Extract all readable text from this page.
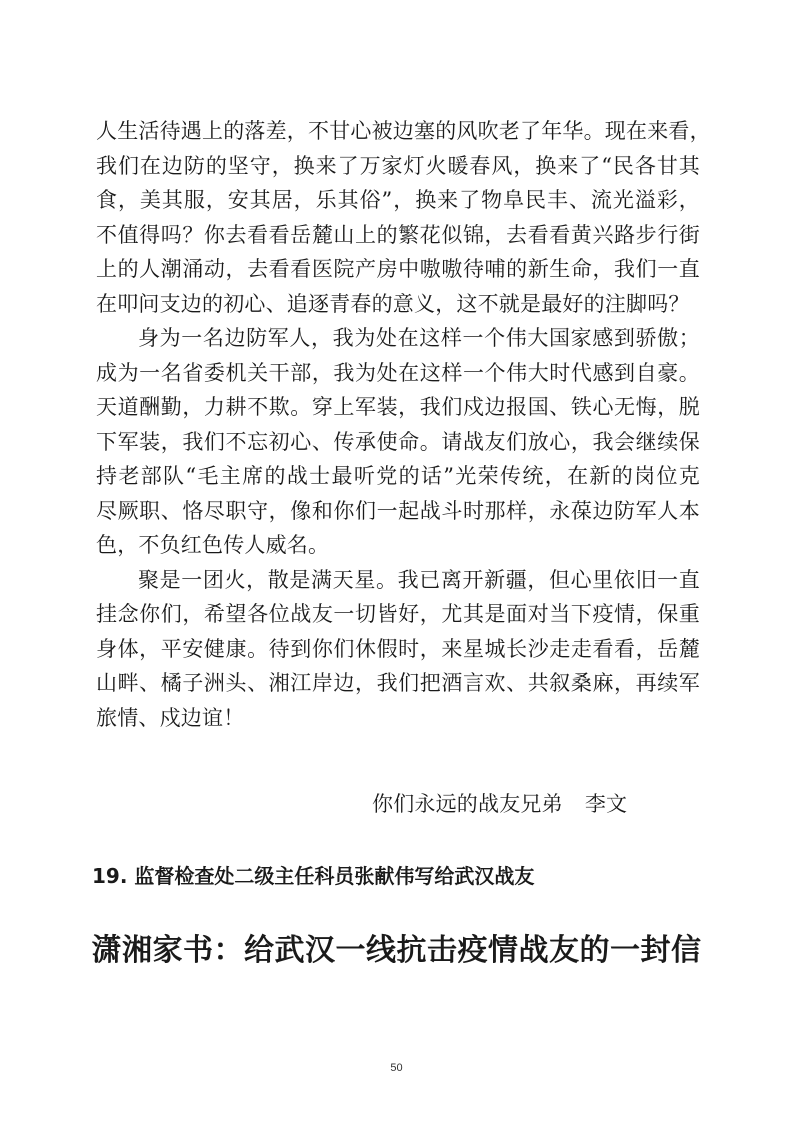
人生活待遇上的落差，不甘心被边塞的风吹老了年华。现在来看，
我们在边防的坚守，换来了万家灯火暖春风，换来了“民各甘其
食，美其服，安其居，乐其俗”，换来了物阜民丰、流光溢彩，
不值得吗？你去看看岳麓山上的繁花似锦，去看看黄兴路步行街
上的人潮涌动，去看看医院产房中嗷嗷待哺的新生命，我们一直
在叩问支边的初心、追逐青春的意义，这不就是最好的注脚吗？
身为一名边防军人，我为处在这样一个伟大国家感到骄傲；
成为一名省委机关干部，我为处在这样一个伟大时代感到自豪。
天道酬勤，力耕不欺。穿上军装，我们戍边报国、铁心无悔，脱
下军装，我们不忘初心、传承使命。请战友们放心，我会继续保
持老部队“毛主席的战士最听党的话”光荣传统，在新的岗位克
尽厥职、恪尽职守，像和你们一起战斗时那样，永葆边防军人本
色，不负红色传人威名。
聚是一团火，散是满天星。我已离开新疆，但心里依旧一直
挂念你们，希望各位战友一切皆好，尤其是面对当下疫情，保重
身体，平安健康。待到你们休假时，来星城长沙走走看看，岳麓
山畔、橘子洲头、湘江岸边，我们把酒言欢、共叙桑麻，再续军
旅情、戍边谊！
你们永远的战友兄弟 李文
19. 监督检查处二级主任科员张献伟写给武汉战友
潇湘家书：给武汉一线抗击疫情战友的一封信
50
